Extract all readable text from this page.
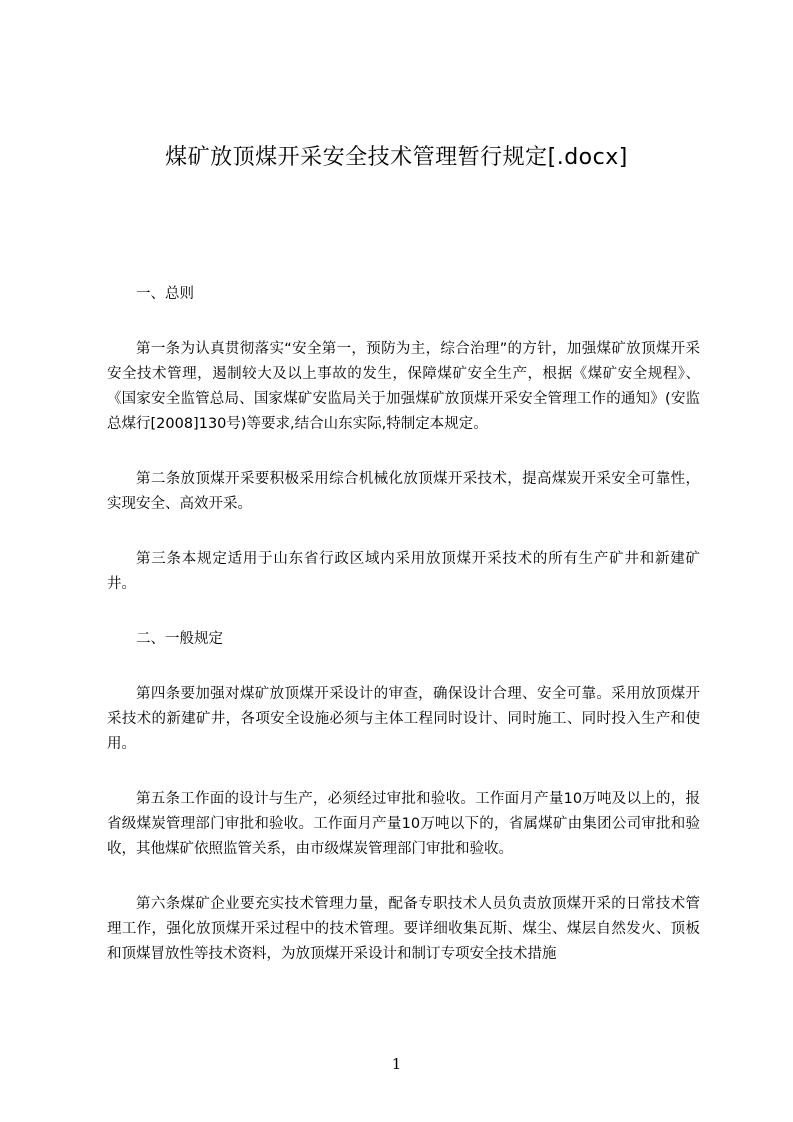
煤矿放顶煤开采安全技术管理暂行规定[.docx]
一、总则

第一条为认真贯彻落实“安全第一，预防为主，综合治理”的方针，加强煤矿放顶煤开采安全技术管理，遏制较大及以上事故的发生，保障煤矿安全生产，根据《煤矿安全规程》、《国家安全监管总局、国家煤矿安监局关于加强煤矿放顶煤开采安全管理工作的通知》(安监总煤行[2008]130号)等要求,结合山东实际,特制定本规定。

第二条放顶煤开采要积极采用综合机械化放顶煤开采技术，提高煤炭开采安全可靠性，实现安全、高效开采。

第三条本规定适用于山东省行政区域内采用放顶煤开采技术的所有生产矿井和新建矿井。

二、一般规定

第四条要加强对煤矿放顶煤开采设计的审查，确保设计合理、安全可靠。采用放顶煤开采技术的新建矿井，各项安全设施必须与主体工程同时设计、同时施工、同时投入生产和使用。

第五条工作面的设计与生产，必须经过审批和验收。工作面月产量10万吨及以上的，报省级煤炭管理部门审批和验收。工作面月产量10万吨以下的，省属煤矿由集团公司审批和验收，其他煤矿依照监管关系，由市级煤炭管理部门审批和验收。

第六条煤矿企业要充实技术管理力量，配备专职技术人员负责放顶煤开采的日常技术管理工作，强化放顶煤开采过程中的技术管理。要详细收集瓦斯、煤尘、煤层自然发火、顶板和顶煤冒放性等技术资料，为放顶煤开采设计和制订专项安全技术措施

1
